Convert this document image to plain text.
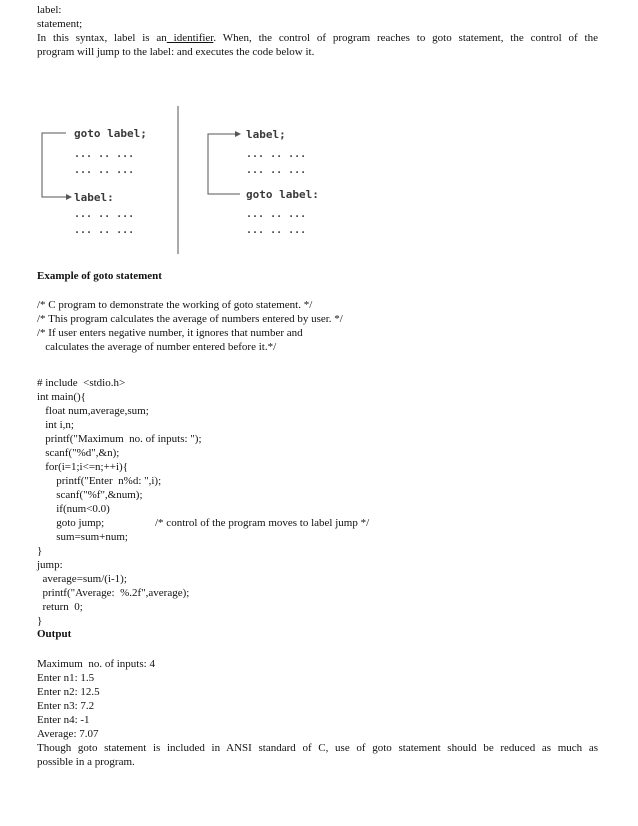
label:
statement;
In this syntax, label is an identifier. When, the control of program reaches to goto statement, the control of the
program will jump to the label: and executes the code below it.
goto label;
... .. ...
... .. ...
label:
... .. ...
... .. ...
label;
... .. ...
... .. ...
goto label:
... .. ...
... .. ...
Example of goto statement
/* C program to demonstrate the working of goto statement. */
/* This program calculates the average of numbers entered by user. */
/* If user enters negative number, it ignores that number and
calculates the average of number entered before it.*/
# include  <stdio.h>
int main(){
float num,average,sum;
int i,n;
printf("Maximum  no. of inputs: ");
scanf("%d",&n);
for(i=1;i<=n;++i){
printf("Enter  n%d: ",i);
scanf("%f",&num);
if(num<0.0)
goto jump;	/* control of the program moves to label jump */
sum=sum+num;
}
jump:
average=sum/(i-1);
printf("Average:  %.2f",average);
return  0;
}
Output
Maximum  no. of inputs: 4
Enter n1: 1.5
Enter n2: 12.5
Enter n3: 7.2
Enter n4: -1
Average: 7.07
Though goto statement is included in ANSI standard of C, use of goto statement should be reduced as much as
possible in a program.
